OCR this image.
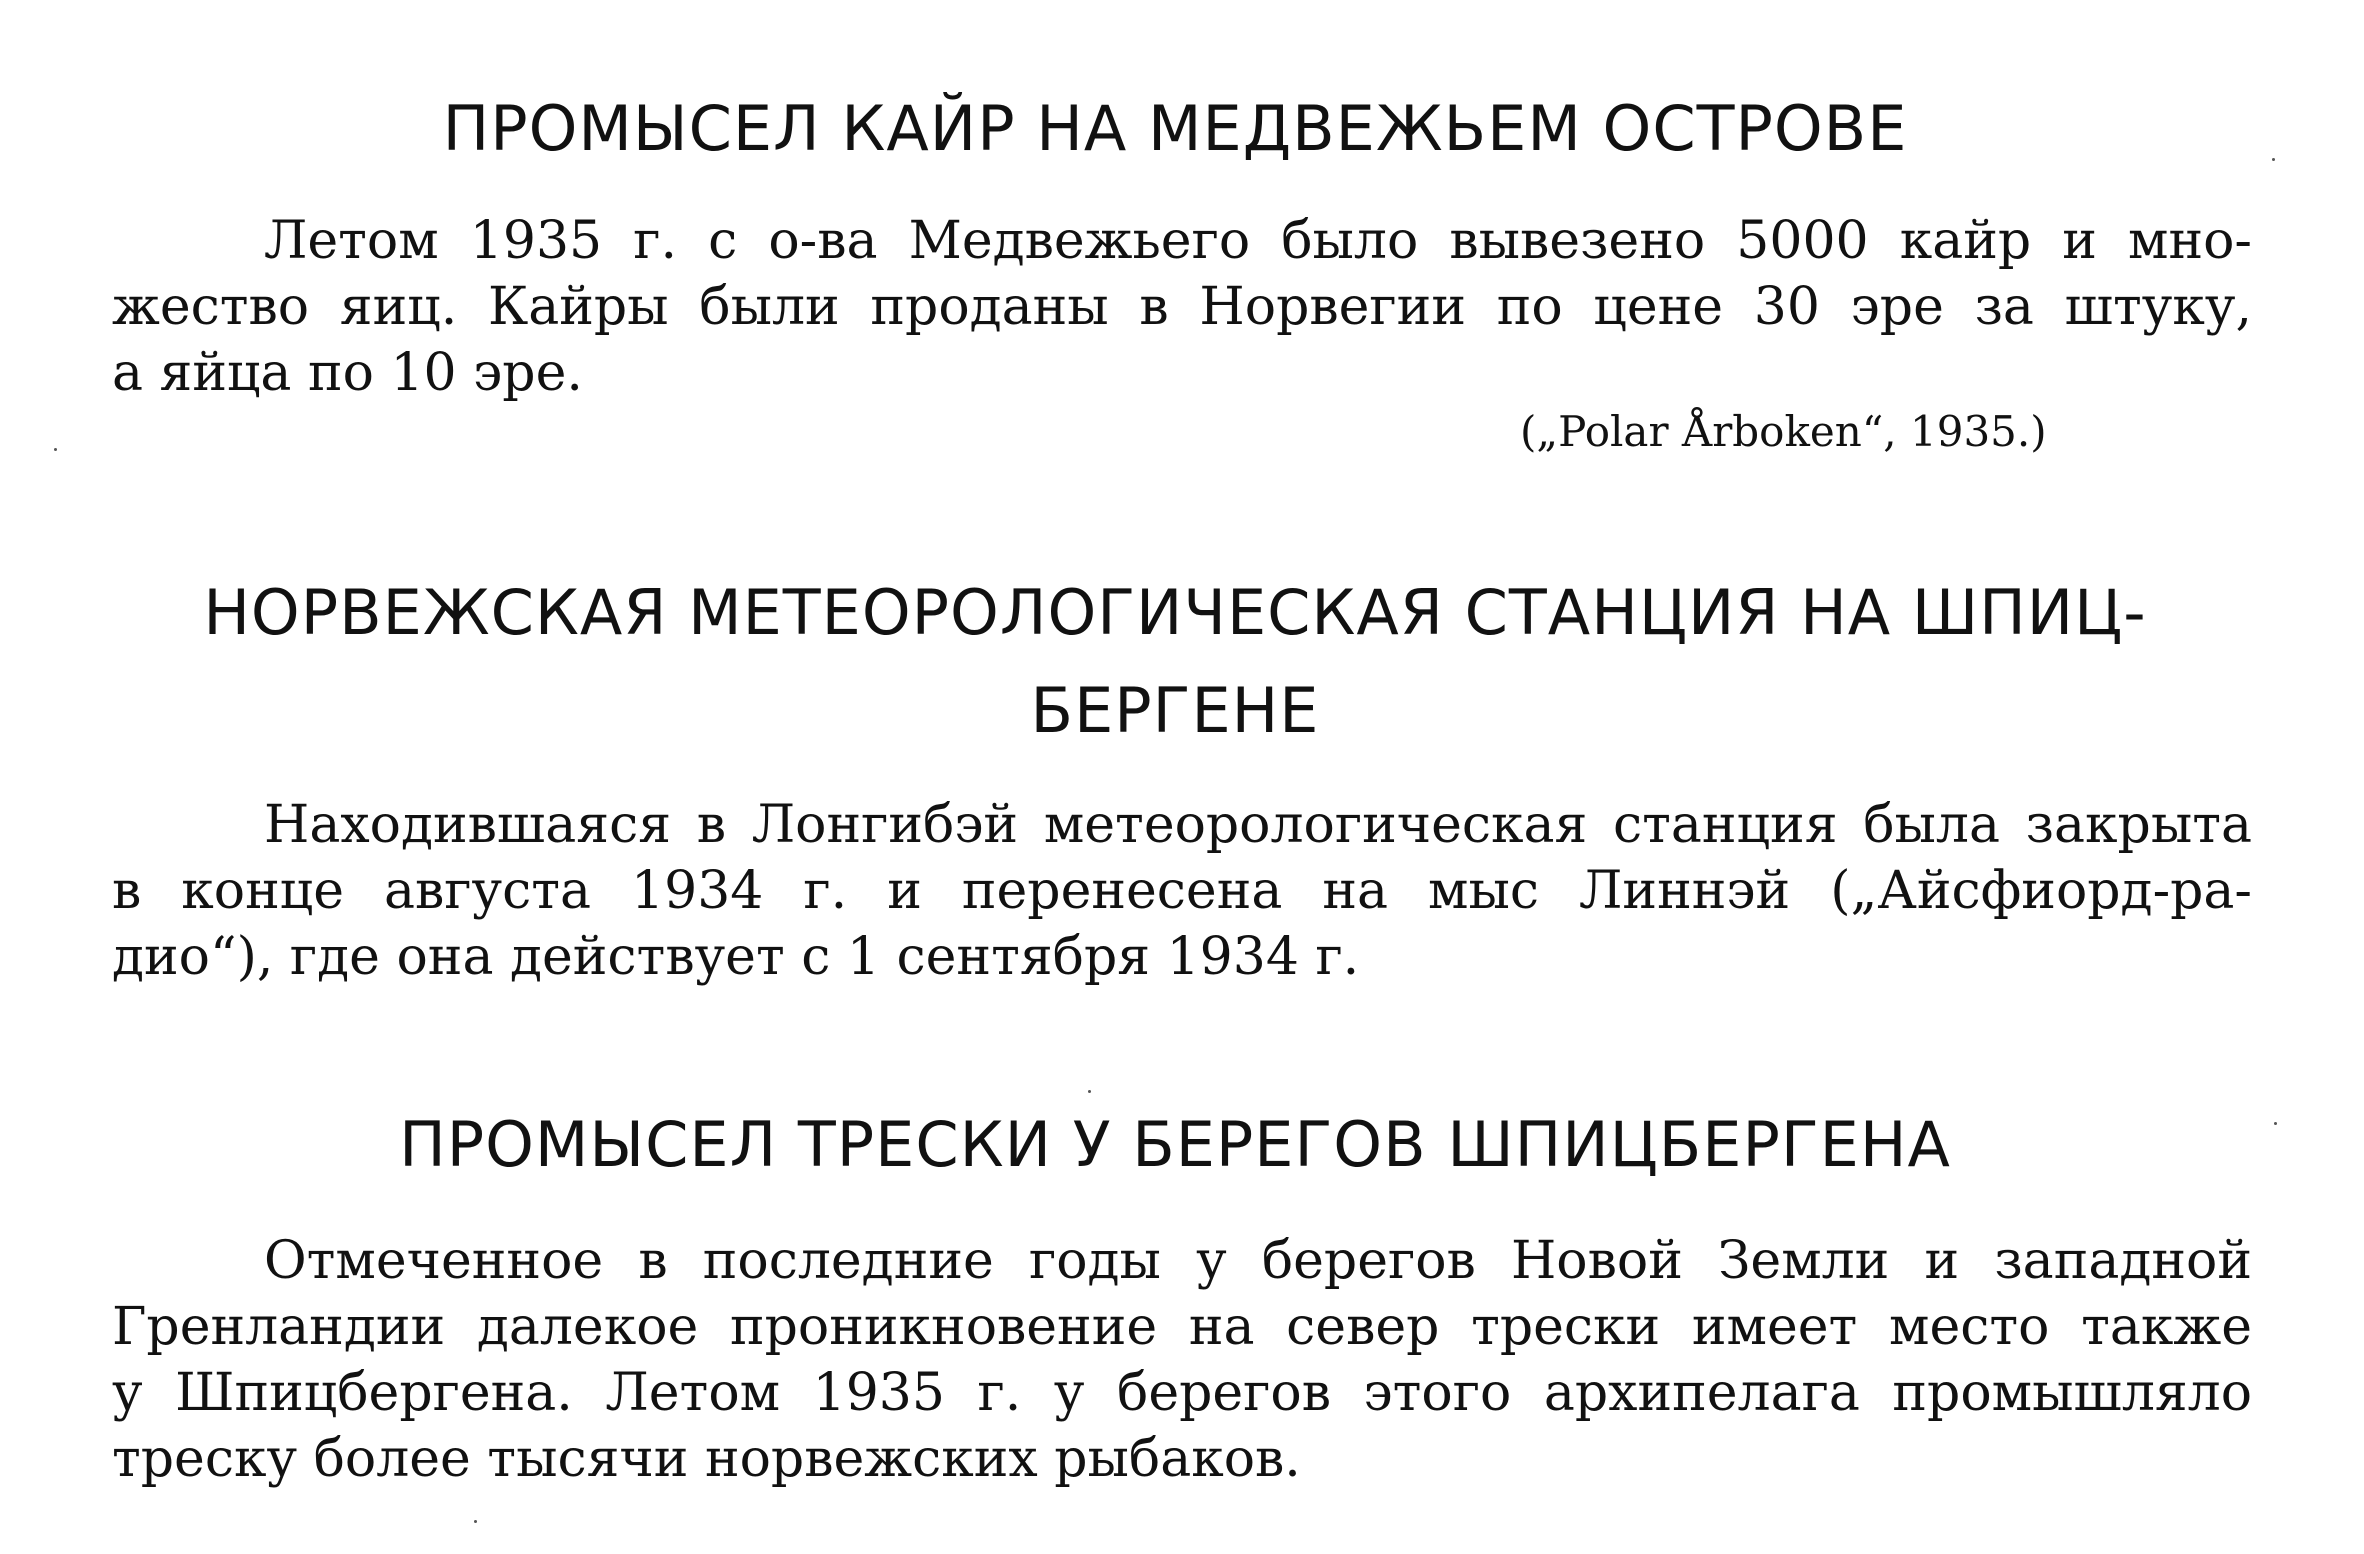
ПРОМЫСЕЛ КАЙР НА МЕДВЕЖЬЕМ ОСТРОВЕ
Летом 1935 г. с о-ва Медвежьего было вывезено 5000 кайр и мно-
жество яиц. Кайры были проданы в Норвегии по цене 30 эре за штуку,
а яйца по 10 эре.
(„Polar Årboken“, 1935.)
НОРВЕЖСКАЯ МЕТЕОРОЛОГИЧЕСКАЯ СТАНЦИЯ НА ШПИЦ-
БЕРГЕНЕ
Находившаяся в Лонгибэй метеорологическая станция была закрыта
в конце августа 1934 г. и перенесена на мыс Линнэй („Айсфиорд-ра-
дио“), где она действует с 1 сентября 1934 г.
ПРОМЫСЕЛ ТРЕСКИ У БЕРЕГОВ ШПИЦБЕРГЕНА
Отмеченное в последние годы у берегов Новой Земли и западной
Гренландии далекое проникновение на север трески имеет место также
у Шпицбергена. Летом 1935 г. у берегов этого архипелага промышляло
треску более тысячи норвежских рыбаков.
